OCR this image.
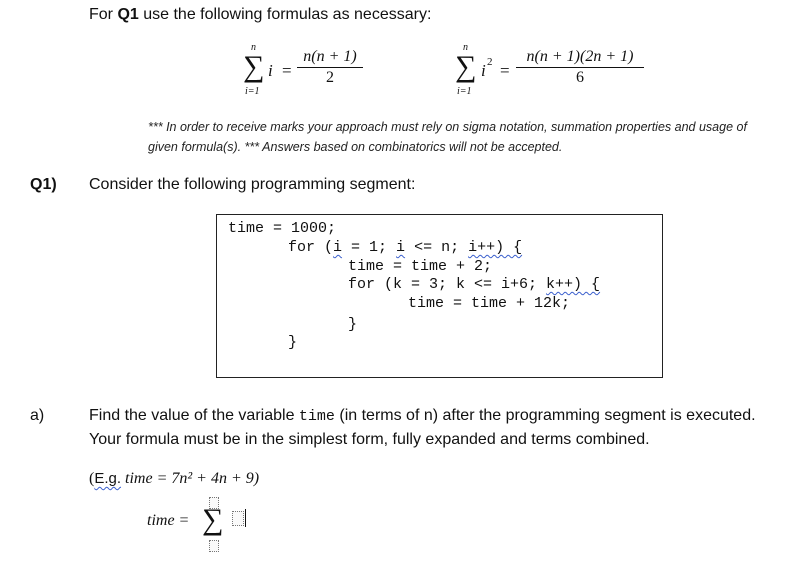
For Q1 use the following formulas as necessary:
n
∑
i=1
i =
n(n + 1)
2
n
∑
i=1
i 2 =
n(n + 1)(2n + 1)
6
*** In order to receive marks your approach must rely on sigma notation, summation properties and usage of
given formula(s). *** Answers based on combinatorics will not be accepted.
Q1) Consider the following programming segment:
time = 1000;
for (i = 1; i <= n; i++) {
time = time + 2;
for (k = 3; k <= i+6; k++) {
time = time + 12k;
}
}
a)	Find the value of the variable time (in terms of n) after the programming segment is executed.
Your formula must be in the simplest form, fully expanded and terms combined.
(E.g. time = 7n² + 4n + 9)
time = ∑
